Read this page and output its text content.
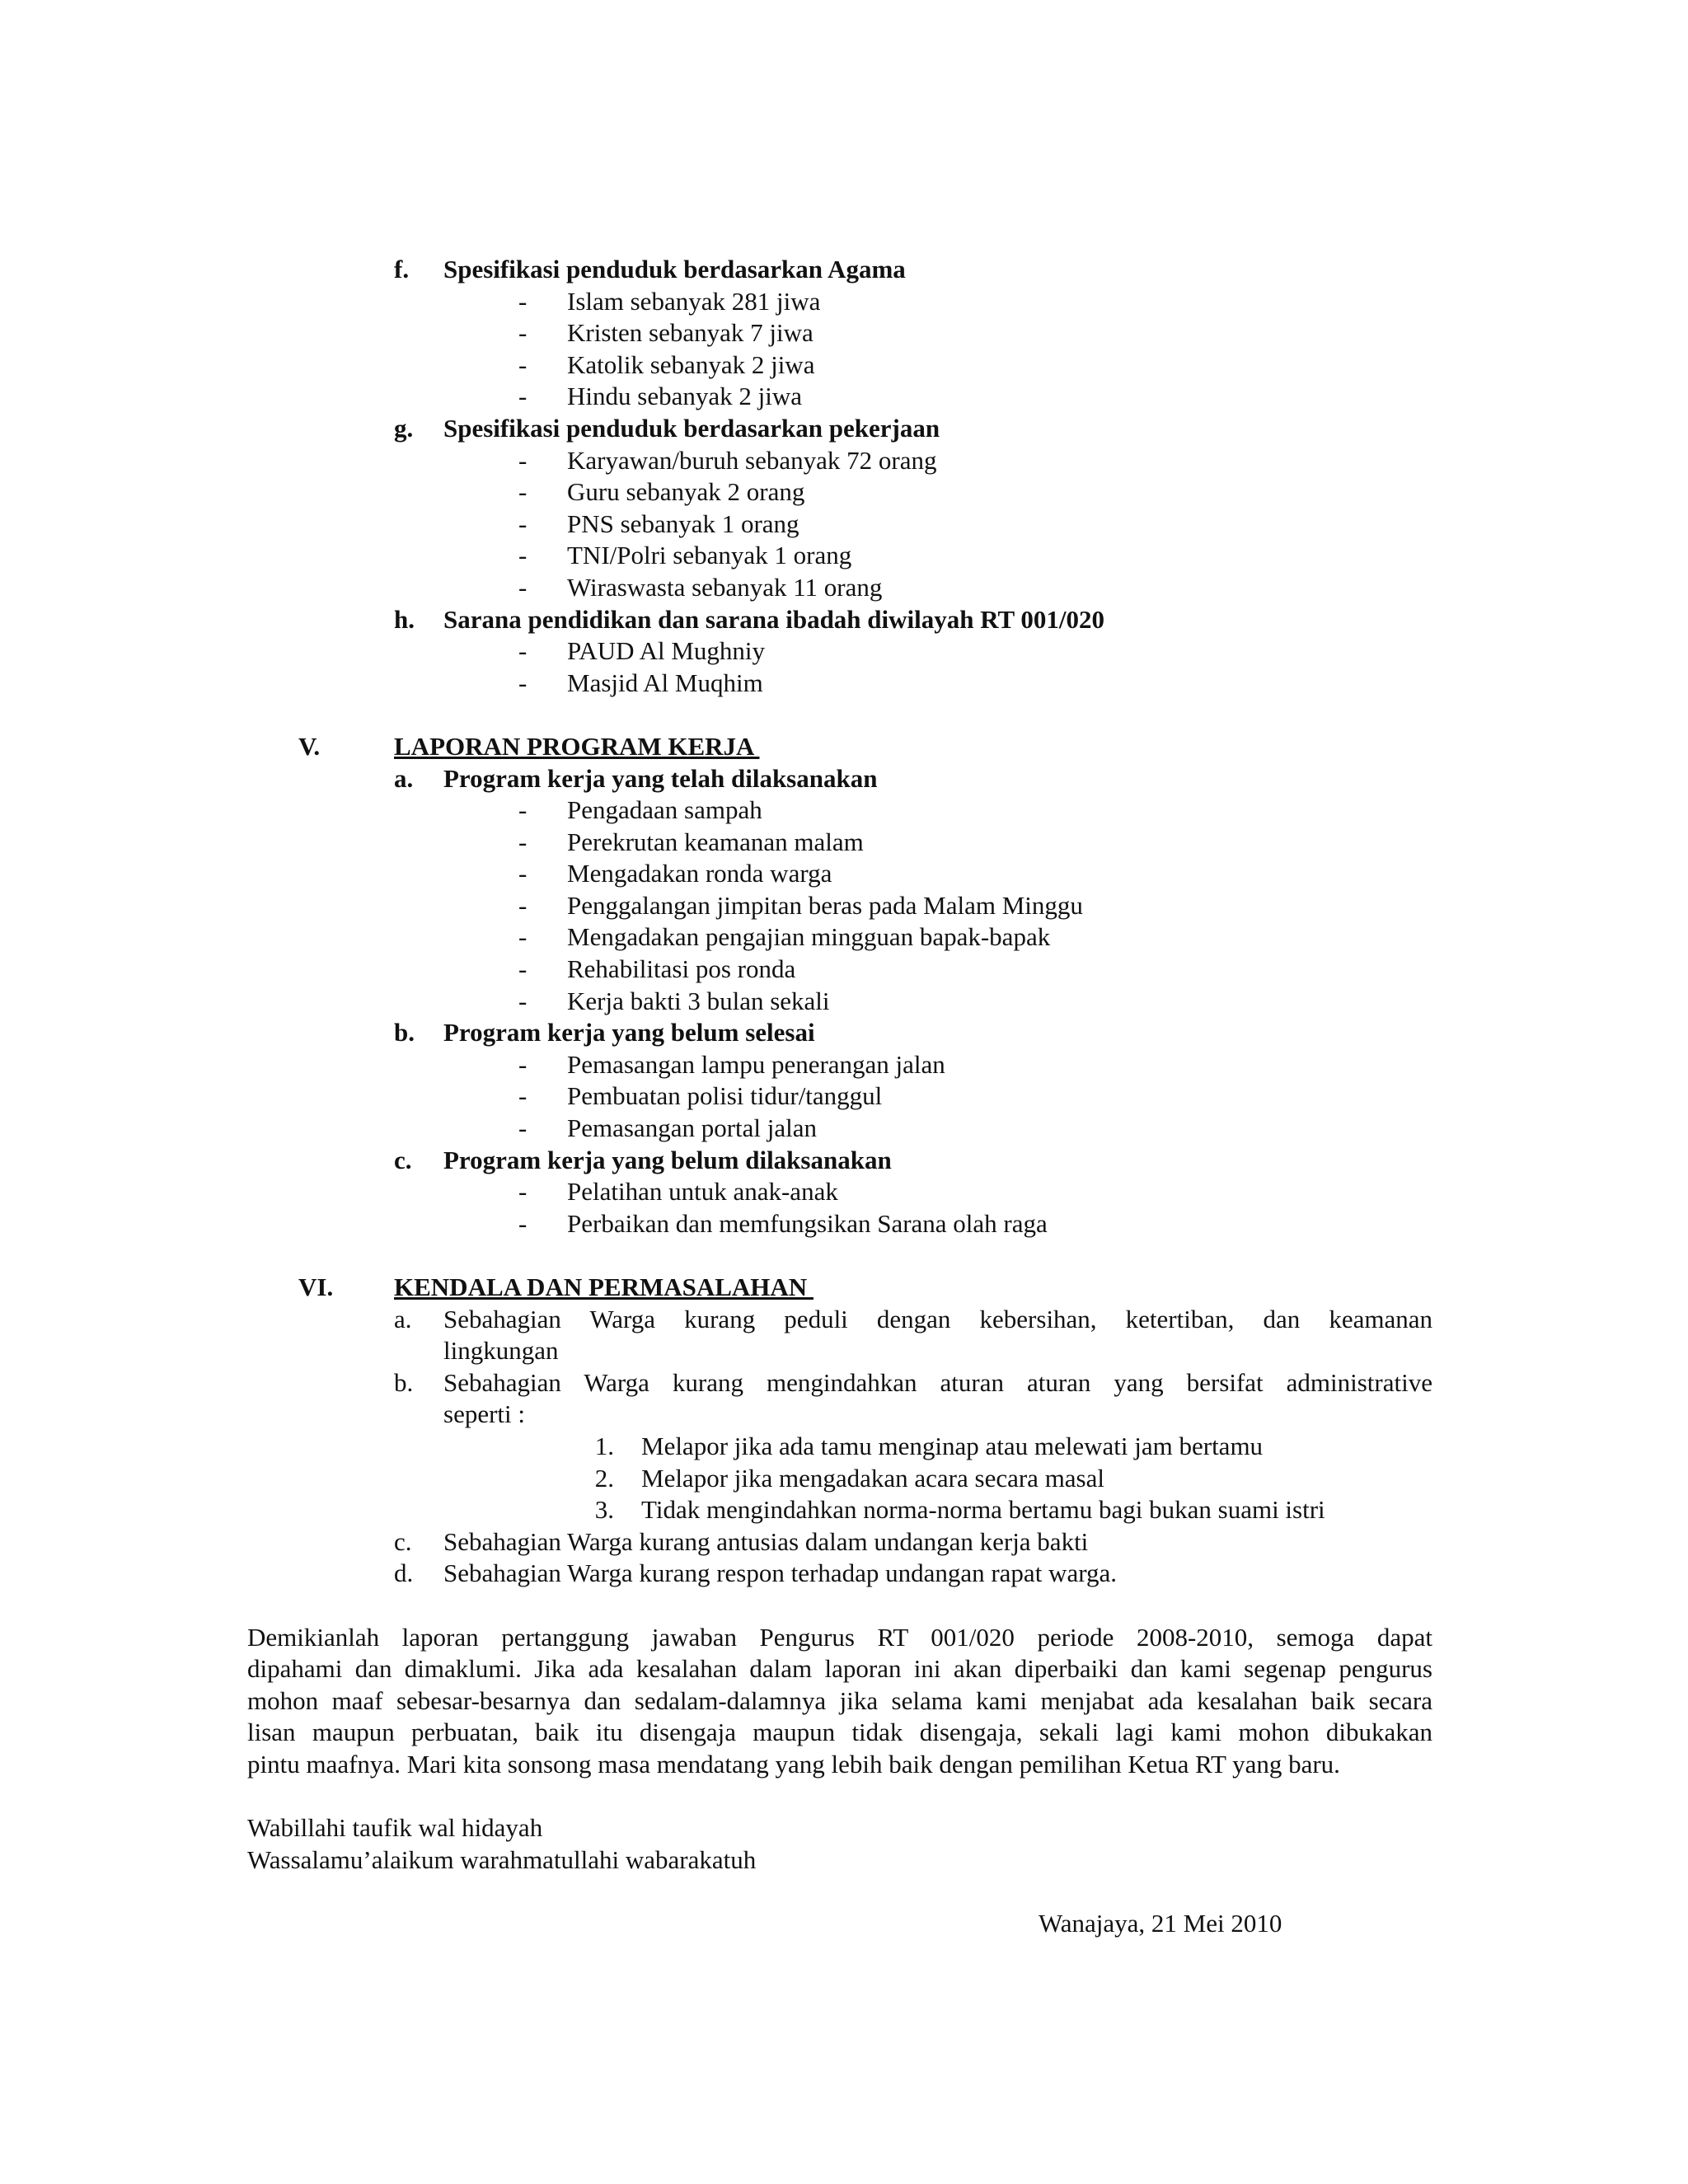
f. Spesifikasi penduduk berdasarkan Agama
- Islam sebanyak 281 jiwa
- Kristen sebanyak 7 jiwa
- Katolik sebanyak 2 jiwa
- Hindu sebanyak 2 jiwa
g. Spesifikasi penduduk berdasarkan pekerjaan
- Karyawan/buruh sebanyak 72 orang
- Guru sebanyak 2 orang
- PNS sebanyak 1 orang
- TNI/Polri sebanyak 1 orang
- Wiraswasta sebanyak 11 orang
h. Sarana pendidikan dan sarana ibadah diwilayah RT 001/020
- PAUD Al Mughniy
- Masjid Al Muqhim
V.	LAPORAN PROGRAM KERJA
a. Program kerja yang telah dilaksanakan
- Pengadaan sampah
- Perekrutan keamanan malam
- Mengadakan ronda warga
- Penggalangan jimpitan beras pada Malam Minggu
- Mengadakan pengajian mingguan bapak-bapak
- Rehabilitasi pos ronda
- Kerja bakti 3 bulan sekali
b. Program kerja yang belum selesai
- Pemasangan lampu penerangan jalan
- Pembuatan polisi tidur/tanggul
- Pemasangan portal jalan
c. Program kerja yang belum dilaksanakan
- Pelatihan untuk anak-anak
- Perbaikan dan memfungsikan Sarana olah raga
VI. KENDALA DAN PERMASALAHAN
a. Sebahagian Warga kurang peduli dengan kebersihan, ketertiban, dan keamanan
lingkungan
b. Sebahagian Warga kurang mengindahkan aturan aturan yang bersifat administrative
seperti :
1. Melapor jika ada tamu menginap atau melewati jam bertamu
2. Melapor jika mengadakan acara secara masal
3. Tidak mengindahkan norma-norma bertamu bagi bukan suami istri
c. Sebahagian Warga kurang antusias dalam undangan kerja bakti
d. Sebahagian Warga kurang respon terhadap undangan rapat warga.
Demikianlah laporan pertanggung jawaban Pengurus RT 001/020 periode 2008-2010, semoga dapat
dipahami dan dimaklumi. Jika ada kesalahan dalam laporan ini akan diperbaiki dan kami segenap pengurus
mohon maaf sebesar-besarnya dan sedalam-dalamnya jika selama kami menjabat ada kesalahan baik secara
lisan maupun perbuatan, baik itu disengaja maupun tidak disengaja, sekali lagi kami mohon dibukakan
pintu maafnya. Mari kita sonsong masa mendatang yang lebih baik dengan pemilihan Ketua RT yang baru.
Wabillahi taufik wal hidayah
Wassalamu’alaikum warahmatullahi wabarakatuh
Wanajaya, 21 Mei 2010
